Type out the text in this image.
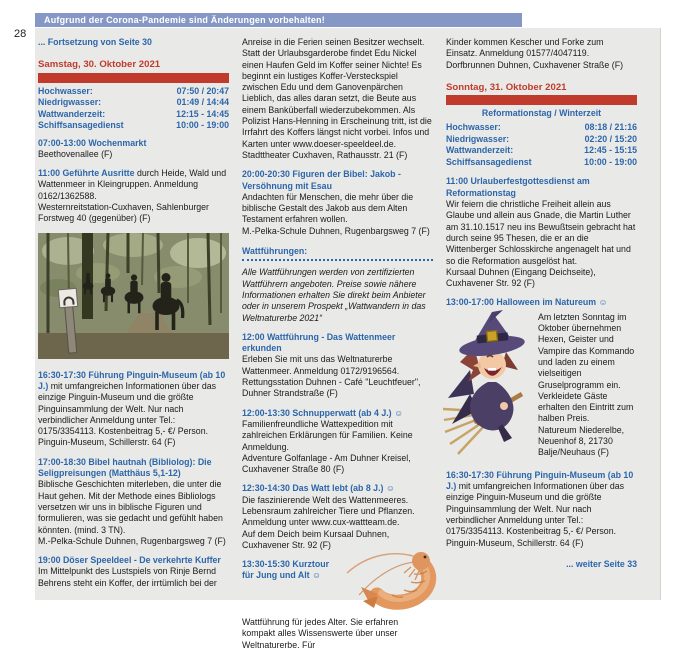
Aufgrund der Corona-Pandemie sind Änderungen vorbehalten!
28
... Fortsetzung von Seite 30
Samstag, 30. Oktober 2021
Hochwasser:	07:50 / 20:47
Niedrigwasser:	01:49 / 14:44
Wattwanderzeit:	12:15 - 14:45
Schiffsansagedienst	10:00 - 19:00

07:00-13:00 Wochenmarkt

Beethovenallee (F)

11:00 Geführte Ausritte durch Heide, Wald und Wattenmeer in Kleingruppen. Anmeldung 0162/1362588.

Westernreitstation-Cuxhaven, Sahlenburger Forstweg 40 (gegenüber) (F)

16:30-17:30 Führung Pinguin-Museum (ab 10 J.) mit umfangreichen Informationen über das einzige Pinguin-Museum und die größte Pinguinsammlung der Welt. Nur nach verbindlicher Anmeldung unter Tel.: 0175/3354113. Kostenbeitrag 5,- €/ Person.

Pinguin-Museum, Schillerstr. 64 (F)

17:00-18:30 Bibel hautnah (Bibliolog): Die Seligpreisungen (Matthäus 5,1-12)

Biblische Geschichten miterleben, die unter die Haut gehen. Mit der Methode eines Bibliologs versetzen wir uns in biblische Figuren und formulieren, was sie gedacht und gefühlt haben könnten. (mind. 3 TN).

M.-Pelka-Schule Duhnen, Rugenbargsweg 7 (F)

19:00 Döser Speeldeel - De verkehrte Kuffer

Im Mittelpunkt des Lustspiels von Rinje Bernd Behrens steht ein Koffer, der irrtümlich bei der

Anreise in die Ferien seinen Besitzer wechselt. Statt der Urlaubsgarderobe findet Edu Nickel einen Haufen Geld im Koffer seiner Nichte! Es beginnt ein lustiges Koffer-Versteckspiel zwischen Edu und dem Ganovenpärchen Lieblich, das alles daran setzt, die Beute aus einem Banküberfall wiederzubekommen. Als Polizist Hans-Henning in Erscheinung tritt, ist die Irrfahrt des Koffers längst nicht vorbei. Infos und Karten unter www.doeser-speeldeel.de.

Stadttheater Cuxhaven, Rathausstr. 21 (F)

20:00-20:30 Figuren der Bibel: Jakob - Versöhnung mit Esau

Andachten für Menschen, die mehr über die biblische Gestalt des Jakob aus dem Alten Testament erfahren wollen.

M.-Pelka-Schule Duhnen, Rugenbargsweg 7 (F)
Wattführungen:

Alle Wattführungen werden von zertifizierten Wattführern angeboten. Preise sowie nähere Informationen erhalten Sie direkt beim Anbieter oder in unserem Prospekt „Wattwandern in das Weltnaturerbe 2021“

12:00 Wattführung - Das Wattenmeer erkunden

Erleben Sie mit uns das Weltnaturerbe Wattenmeer. Anmeldung 0172/9196564.

Rettungsstation Duhnen - Café "Leuchtfeuer", Duhner Strandstraße (F)

12:00-13:30 Schnupperwatt (ab 4 J.) ☺

Familienfreundliche Wattexpedition mit zahlreichen Erklärungen für Familien. Keine Anmeldung.

Adventure Golfanlage - Am Duhner Kreisel, Cuxhavener Straße 80 (F)

12:30-14:30 Das Watt lebt (ab 8 J.) ☺

Die faszinierende Welt des Wattenmeeres. Lebensraum zahlreicher Tiere und Pflanzen. Anmeldung unter www.cux-wattteam.de.

Auf dem Deich beim Kursaal Duhnen, Cuxhavener Str. 92 (F)

13:30-15:30 Kurztour für Jung und Alt ☺

Wattführung für jedes Alter. Sie erfahren kompakt alles Wissenswerte über unser Weltnaturerbe. Für

Kinder kommen Kescher und Forke zum Einsatz. Anmeldung 01577/4047119.

Dorfbrunnen Duhnen, Cuxhavener Straße (F)
Sonntag, 31. Oktober 2021
Reformationstag / Winterzeit
Hochwasser:	08:18 / 21:16
Niedrigwasser:	02:20 / 15:20
Wattwanderzeit:	12:45 - 15:15
Schiffsansagedienst	10:00 - 19:00

11:00 Urlauberfestgottesdienst am Reformationstag

Wir feiern die christliche Freiheit allein aus Glaube und allein aus Gnade, die Martin Luther am 31.10.1517 neu ins Bewußtsein gebracht hat durch seine 95 Thesen, die er an die Wittenberger Schlosskirche angenagelt hat und so die Reformation ausgelöst hat.

Kursaal Duhnen (Eingang Deichseite), Cuxhavener Str. 92 (F)

13:00-17:00 Halloween im Natureum ☺

Am letzten Sonntag im Oktober übernehmen Hexen, Geister und Vampire das Kommando und laden zu einem vielseitigen Gruselprogramm ein. Verkleidete Gäste erhalten den Eintritt zum halben Preis.
Natureum Niederelbe, Neuenhof 8, 21730 Balje/Neuhaus (F)

16:30-17:30 Führung Pinguin-Museum (ab 10 J.) mit umfangreichen Informationen über das einzige Pinguin-Museum und die größte Pinguinsammlung der Welt. Nur nach verbindlicher Anmeldung unter Tel.: 0175/3354113. Kostenbeitrag 5,- €/ Person.

Pinguin-Museum, Schillerstr. 64 (F)
... weiter Seite 33
